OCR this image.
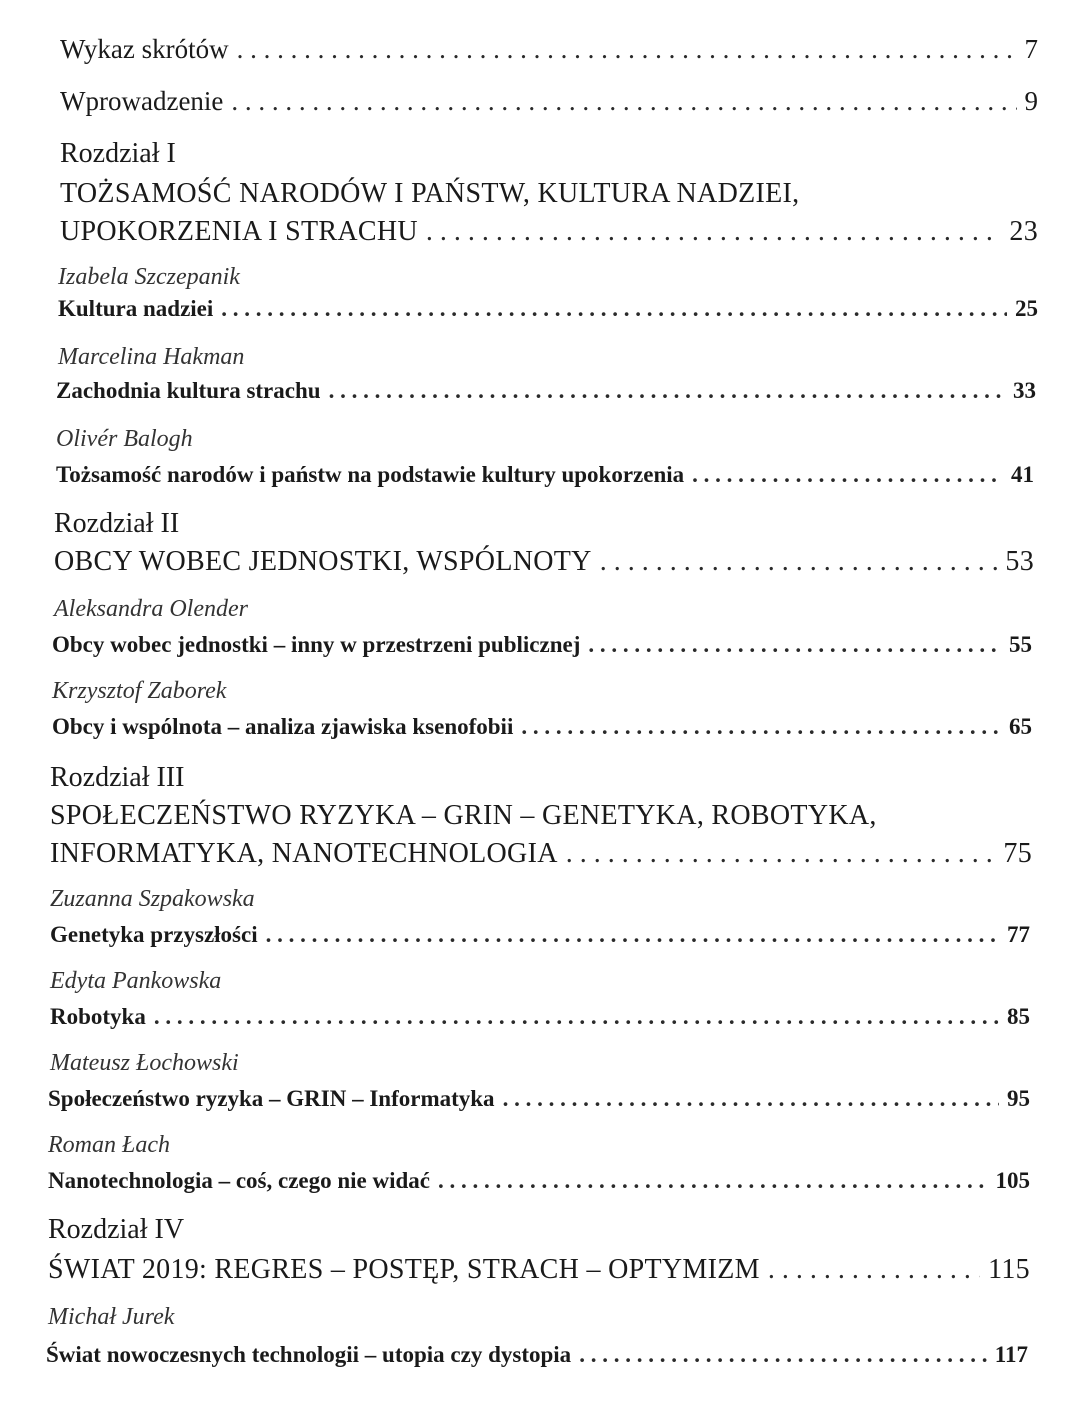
Wykaz skrótów . . .	7
Wprowadzenie . . .	9
Rozdział I
TOŻSAMOŚĆ NARODÓW I PAŃSTW, KULTURA NADZIEI,
UPOKORZENIA I STRACHU . . .	23
Izabela Szczepanik
Kultura nadziei . . .	25
Marcelina Hakman
Zachodnia kultura strachu . . .	33
Olivér Balogh
Tożsamość narodów i państw na podstawie kultury upokorzenia . . .	41
Rozdział II
OBCY WOBEC JEDNOSTKI, WSPÓLNOTY . . .	53
Aleksandra Olender
Obcy wobec jednostki – inny w przestrzeni publicznej . . .	55
Krzysztof Zaborek
Obcy i wspólnota – analiza zjawiska ksenofobii . . .	65
Rozdział III
SPOŁECZEŃSTWO RYZYKA – GRIN – GENETYKA, ROBOTYKA,
INFORMATYKA, NANOTECHNOLOGIA . . .	75
Zuzanna Szpakowska
Genetyka przyszłości . . .	77
Edyta Pankowska
Robotyka . . .	85
Mateusz Łochowski
Społeczeństwo ryzyka – GRIN – Informatyka . . .	95
Roman Łach
Nanotechnologia – coś, czego nie widać . . .	105
Rozdział IV
ŚWIAT 2019: REGRES – POSTĘP, STRACH – OPTYMIZM . . .	115
Michał Jurek
Świat nowoczesnych technologii – utopia czy dystopia . . .	117
